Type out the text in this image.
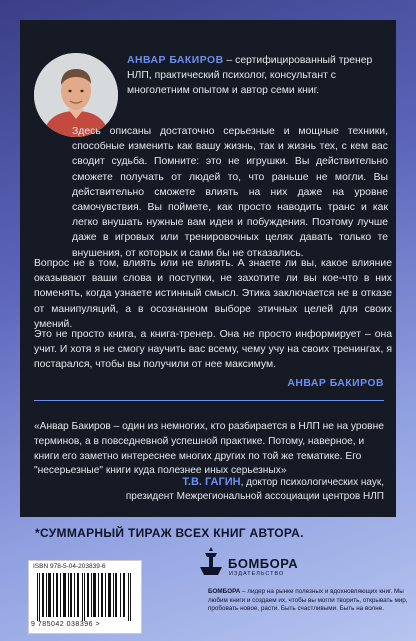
АНВАР БАКИРОВ – сертифицированный тренер НЛП, практический психолог, консультант с многолетним опытом и автор семи книг.

Здесь описаны достаточно серьезные и мощные техники, способные изменить как вашу жизнь, так и жизнь тех, с кем вас сводит судьба. Помните: это не игрушки. Вы действительно сможете получать от людей то, что раньше не могли. Вы действительно сможете влиять на них даже на уровне самочувствия. Вы поймете, как просто наводить транс и как легко внушать нужные вам идеи и побуждения. Поэтому лучше даже в игровых или тренировочных целях давать только те внушения, от которых и сами бы не отказались.

Вопрос не в том, влиять или не влиять. А знаете ли вы, какое влияние оказывают ваши слова и поступки, не захотите ли вы кое-что в них поменять, когда узнаете истинный смысл. Этика заключается не в отказе от манипуляций, а в осознанном выборе этичных целей для своих умений.

Это не просто книга, а книга-тренер. Она не просто информирует – она учит. И хотя я не смогу научить вас всему, чему учу на своих тренингах, я постарался, чтобы вы получили от нее максимум.

АНВАР БАКИРОВ

«Анвар Бакиров – один из немногих, кто разбирается в НЛП не на уровне терминов, а в повседневной успешной практике. Потому, наверное, и книги его заметно интереснее многих других по той же тематике. Его "несерьезные" книги куда полезнее иных серьезных»

Т.В. ГАГИН, доктор психологических наук,
президент Межрегиональной ассоциации центров НЛП

*СУММАРНЫЙ ТИРАЖ ВСЕХ КНИГ АВТОРА.

ISBN 978-5-04-203839-6
9 785042 038396 >
БОМБОРА
ИЗДАТЕЛЬСТВО

БОМБОРА – лидер на рынке полезных и вдохновляющих книг. Мы любим книги и создаем их, чтобы вы могли творить, открывать мир, пробовать новое, расти. Быть счастливыми. Быть на волне.
